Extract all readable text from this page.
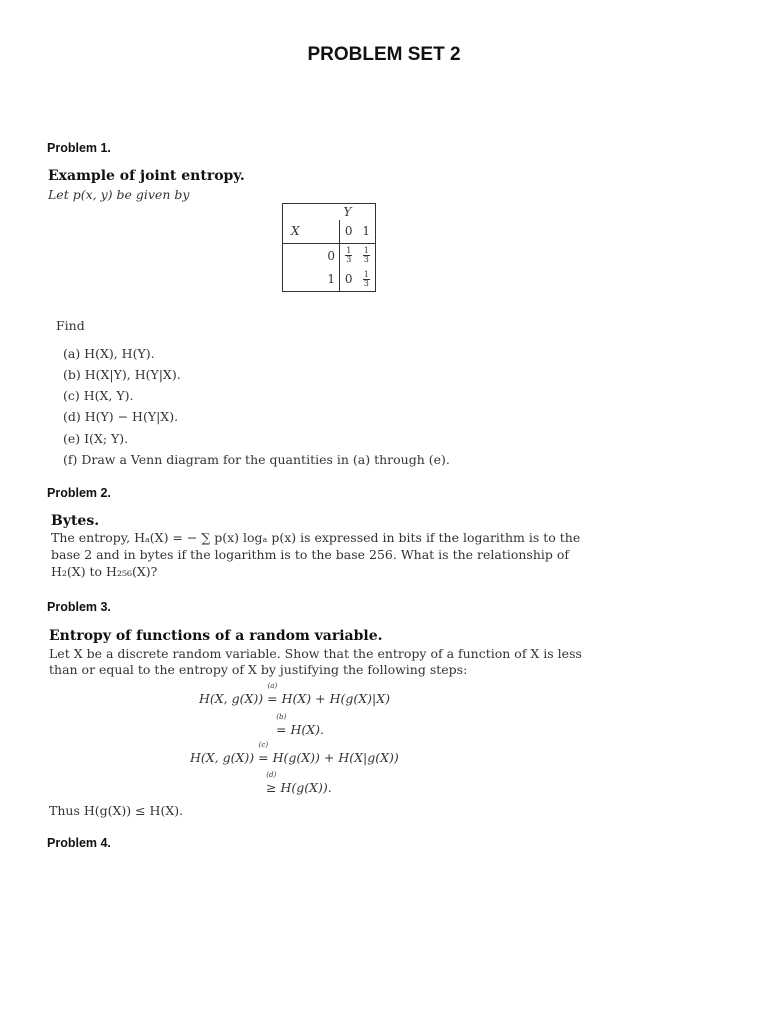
PROBLEM SET 2
Problem 1.
Example of joint entropy.
Let p(x, y) be given by
	Y	
X	0	1
0	$\frac{1}{3}$	$\frac{1}{3}$

1	0	$\frac{1}{3}$
Find
(a) H(X), H(Y).
(b) H(X|Y), H(Y|X).
(c) H(X, Y).
(d) H(Y) − H(Y|X).
(e) I(X; Y).
(f) Draw a Venn diagram for the quantities in (a) through (e).
Problem 2.
Bytes.
The entropy, Hₐ(X) = − ∑ p(x) logₐ p(x) is expressed in bits if the logarithm is to the
base 2 and in bytes if the logarithm is to the base 256. What is the relationship of
H₂(X) to H₂₅₆(X)?
Problem 3.
Entropy of functions of a random variable.
Let X be a discrete random variable. Show that the entropy of a function of X is less
than or equal to the entropy of X by justifying the following steps:
H(X, g(X))
(a)
= H(X) + H(g(X)|X)
(b)
= H(X).
H(X, g(X))
(c)
= H(g(X)) + H(X|g(X))
(d)
≥ H(g(X)).
Thus H(g(X)) ≤ H(X).
Problem 4.
